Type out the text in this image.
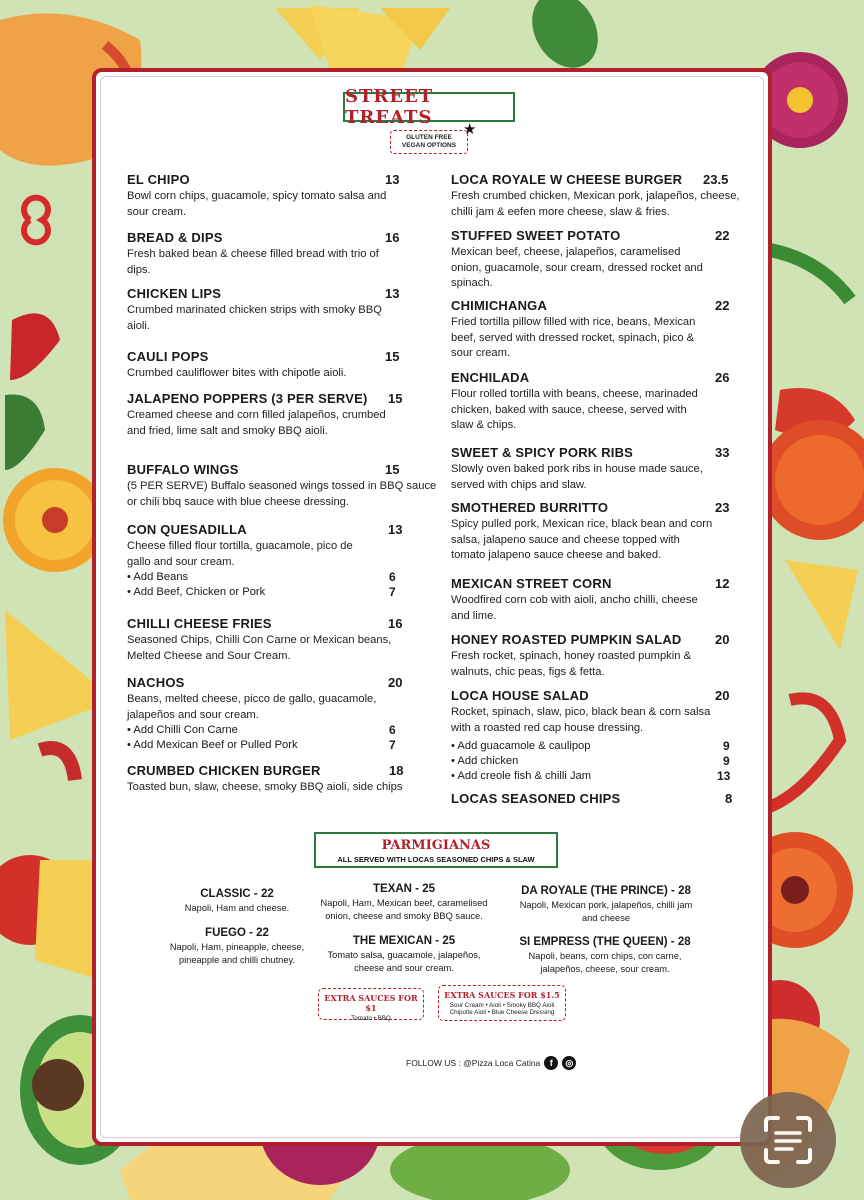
STREET TREATS
GLUTEN FREE
VEGAN OPTIONS
★
EL CHIPO	13
Bowl corn chips, guacamole, spicy tomato salsa and sour cream.
BREAD & DIPS	16
Fresh baked bean & cheese filled bread with trio of dips.
CHICKEN LIPS	13
Crumbed marinated chicken strips with smoky BBQ aioli.
CAULI POPS	15
Crumbed cauliflower bites with chipotle aioli.
JALAPENO POPPERS (3 PER SERVE)	15
Creamed cheese and corn filled jalapeños, crumbed and fried, lime salt and smoky BBQ aioli.
BUFFALO WINGS	15
(5 PER SERVE) Buffalo seasoned wings tossed in BBQ sauce or chili bbq sauce with blue cheese dressing.
CON QUESADILLA	13
Cheese filled flour tortilla, guacamole, pico de gallo and sour cream.
• Add Beans	6
• Add Beef, Chicken or Pork	7
CHILLI CHEESE FRIES	16
Seasoned Chips, Chilli Con Carne or Mexican beans, Melted Cheese and Sour Cream.
NACHOS	20
Beans, melted cheese, picco de gallo, guacamole, jalapeños and sour cream.
• Add Chilli Con Carne	6
• Add Mexican Beef or Pulled Pork	7
CRUMBED CHICKEN BURGER	18
Toasted bun, slaw, cheese, smoky BBQ aioli, side chips
LOCA ROYALE W CHEESE BURGER	23.5
Fresh crumbed chicken, Mexican pork, jalapeños, cheese, chilli jam & eefen more cheese, slaw & fries.
STUFFED SWEET POTATO	22
Mexican beef, cheese, jalapeños, caramelised onion, guacamole, sour cream, dressed rocket and spinach.
CHIMICHANGA	22
Fried tortilla pillow filled with rice, beans, Mexican beef, served with dressed rocket, spinach, pico & sour cream.
ENCHILADA	26
Flour rolled tortilla with beans, cheese, marinaded chicken, baked with sauce, cheese, served with slaw & chips.
SWEET & SPICY PORK RIBS	33
Slowly oven baked pork ribs in house made sauce, served with chips and slaw.
SMOTHERED BURRITTO	23
Spicy pulled pork, Mexican rice, black bean and corn salsa, jalapeno sauce and cheese topped with tomato jalapeno sauce cheese and baked.
MEXICAN STREET CORN	12
Woodfired corn cob with aioli, ancho chilli, cheese and lime.
HONEY ROASTED PUMPKIN SALAD	20
Fresh rocket, spinach, honey roasted pumpkin & walnuts, chic peas, figs & fetta.
LOCA HOUSE SALAD	20
Rocket, spinach, slaw, pico, black bean & corn salsa with a roasted red cap house dressing.
• Add guacamole & caulipop	9
• Add chicken	9
• Add creole fish & chilli Jam	13
LOCAS SEASONED CHIPS	8
PARMIGIANAS
ALL SERVED WITH LOCAS SEASONED CHIPS & SLAW
CLASSIC - 22
Napoli, Ham and cheese.
FUEGO - 22
Napoli, Ham, pineapple, cheese, pineapple and chilli chutney.
TEXAN - 25
Napoli, Ham, Mexican beef, caramelised onion, cheese and smoky BBQ sauce.
THE MEXICAN - 25
Tomato salsa, guacamole, jalapeños, cheese and sour cream.
DA ROYALE (THE PRINCE) - 28
Napoli, Mexican pork, jalapeños, chilli jam and cheese
SI EMPRESS (THE QUEEN) - 28
Napoli, beans, corn chips, con carne, jalapeños, cheese, sour cream.
EXTRA SAUCES FOR $1
Tomato • BBQ
EXTRA SAUCES FOR $1.5
Sour Cream • Aioli • Smoky BBQ Aioli Chipotle Aioli • Blue Cheese Dressing
FOLLOW US : @Pizza Loca Catina	f	◎
